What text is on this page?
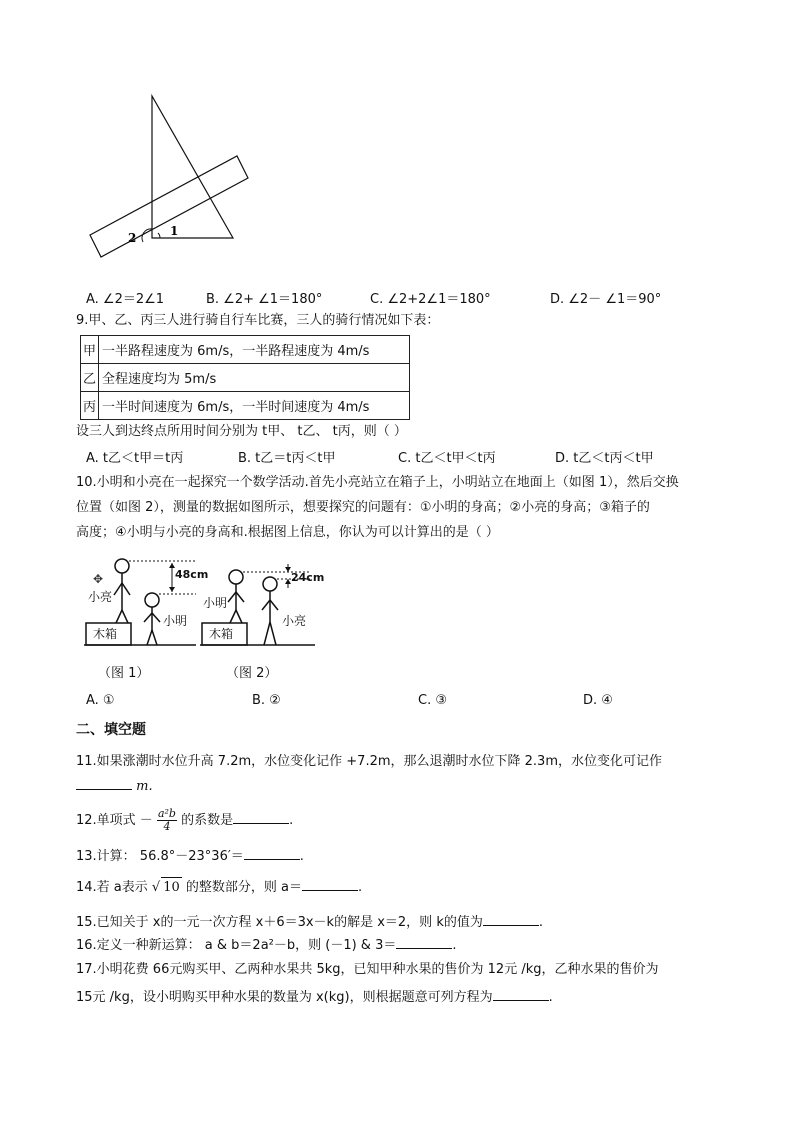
2	1
A. ∠2＝2∠1	B. ∠2+ ∠1＝180°	C. ∠2+2∠1＝180°	D. ∠2－ ∠1＝90°
9.甲、乙、丙三人进行骑自行车比赛，三人的骑行情况如下表：
甲	一半路程速度为 6m/s，一半路程速度为 4m/s
乙	全程速度均为 5m/s
丙	一半时间速度为 6m/s，一半时间速度为 4m/s
设三人到达终点所用时间分别为 t甲、 t乙、 t丙，则（ ）
A. t乙＜t甲＝t丙	B. t乙＝t丙＜t甲	C. t乙＜t甲＜t丙	D. t乙＜t丙＜t甲
10.小明和小亮在一起探究一个数学活动.首先小亮站立在箱子上，小明站立在地面上（如图 1），然后交换
位置（如图 2），测量的数据如图所示，想要探究的问题有：①小明的身高；②小亮的身高；③箱子的
高度；④小明与小亮的身高和.根据图上信息，你认为可以计算出的是（ ）
✥	48cm
小亮
小明
木箱
（图 1）
24cm
小明
小亮
木箱
（图 2）
A. ①	B. ②	C. ③	D. ④
二、填空题
11.如果涨潮时水位升高 7.2m，水位变化记作 +7.2m，那么退潮时水位下降 2.3m，水位变化可记作
m.
12.单项式 － $\frac{\text{a²b}}{4}$ 的系数是	.
13.计算： 56.8°－23°36′＝	.
14.若 a表示 √ 10 的整数部分，则 a＝	.
15.已知关于 x的一元一次方程 x＋6＝3x－k的解是 x＝2，则 k的值为	.
16.定义一种新运算： a & b＝2a²－b，则 (－1) & 3＝	.
17.小明花费 66元购买甲、乙两种水果共 5kg，已知甲种水果的售价为 12元 /kg，乙种水果的售价为
15元 /kg，设小明购买甲种水果的数量为 x(kg)，则根据题意可列方程为	.
